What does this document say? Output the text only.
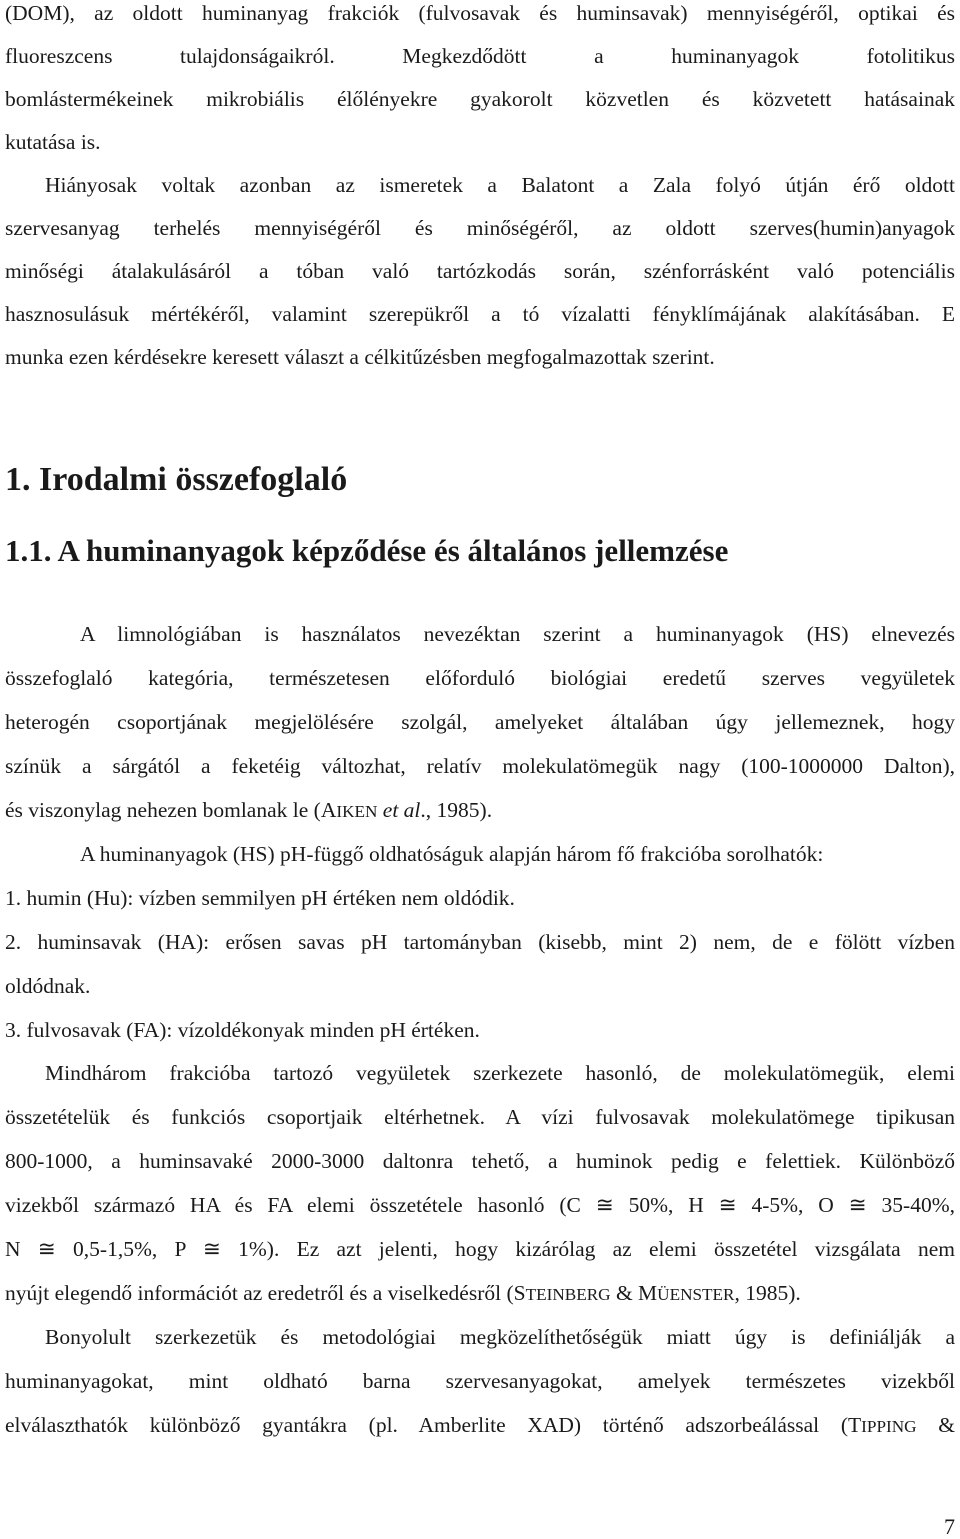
(DOM), az oldott huminanyag frakciók (fulvosavak és huminsavak) mennyiségéről, optikai és
fluoreszcens tulajdonságaikról. Megkezdődött a huminanyagok fotolitikus
bomlástermékeinek mikrobiális élőlényekre gyakorolt közvetlen és közvetett hatásainak
kutatása is.
Hiányosak voltak azonban az ismeretek a Balatont a Zala folyó útján érő oldott
szervesanyag terhelés mennyiségéről és minőségéről, az oldott szerves(humin)anyagok
minőségi átalakulásáról a tóban való tartózkodás során, szénforrásként való potenciális
hasznosulásuk mértékéről, valamint szerepükről a tó vízalatti fényklímájának alakításában. E
munka ezen kérdésekre keresett választ a célkitűzésben megfogalmazottak szerint.
1. Irodalmi összefoglaló
1.1. A huminanyagok képződése és általános jellemzése
A limnológiában is használatos nevezéktan szerint a huminanyagok (HS) elnevezés
összefoglaló kategória, természetesen előforduló biológiai eredetű szerves vegyületek
heterogén csoportjának megjelölésére szolgál, amelyeket általában úgy jellemeznek, hogy
színük a sárgától a feketéig változhat, relatív molekulatömegük nagy (100-1000000 Dalton),
és viszonylag nehezen bomlanak le (AIKEN et al., 1985).
A huminanyagok (HS) pH-függő oldhatóságuk alapján három fő frakcióba sorolhatók:
1. humin (Hu): vízben semmilyen pH értéken nem oldódik.
2. huminsavak (HA): erősen savas pH tartományban (kisebb, mint 2) nem, de e fölött vízben
oldódnak.
3. fulvosavak (FA): vízoldékonyak minden pH értéken.
Mindhárom frakcióba tartozó vegyületek szerkezete hasonló, de molekulatömegük, elemi
összetételük és funkciós csoportjaik eltérhetnek. A vízi fulvosavak molekulatömege tipikusan
800-1000, a huminsavaké 2000-3000 daltonra tehető, a huminok pedig e felettiek. Különböző
vizekből származó HA és FA elemi összetétele hasonló (C ≅ 50%, H ≅ 4-5%, O ≅ 35-40%,
N ≅ 0,5-1,5%, P ≅ 1%). Ez azt jelenti, hogy kizárólag az elemi összetétel vizsgálata nem
nyújt elegendő információt az eredetről és a viselkedésről (STEINBERG & MÜENSTER, 1985).
Bonyolult szerkezetük és metodológiai megközelíthetőségük miatt úgy is definiálják a
huminanyagokat, mint oldható barna szervesanyagokat, amelyek természetes vizekből
elválaszthatók különböző gyantákra (pl. Amberlite XAD) történő adszorbeálással (TIPPING &
7
